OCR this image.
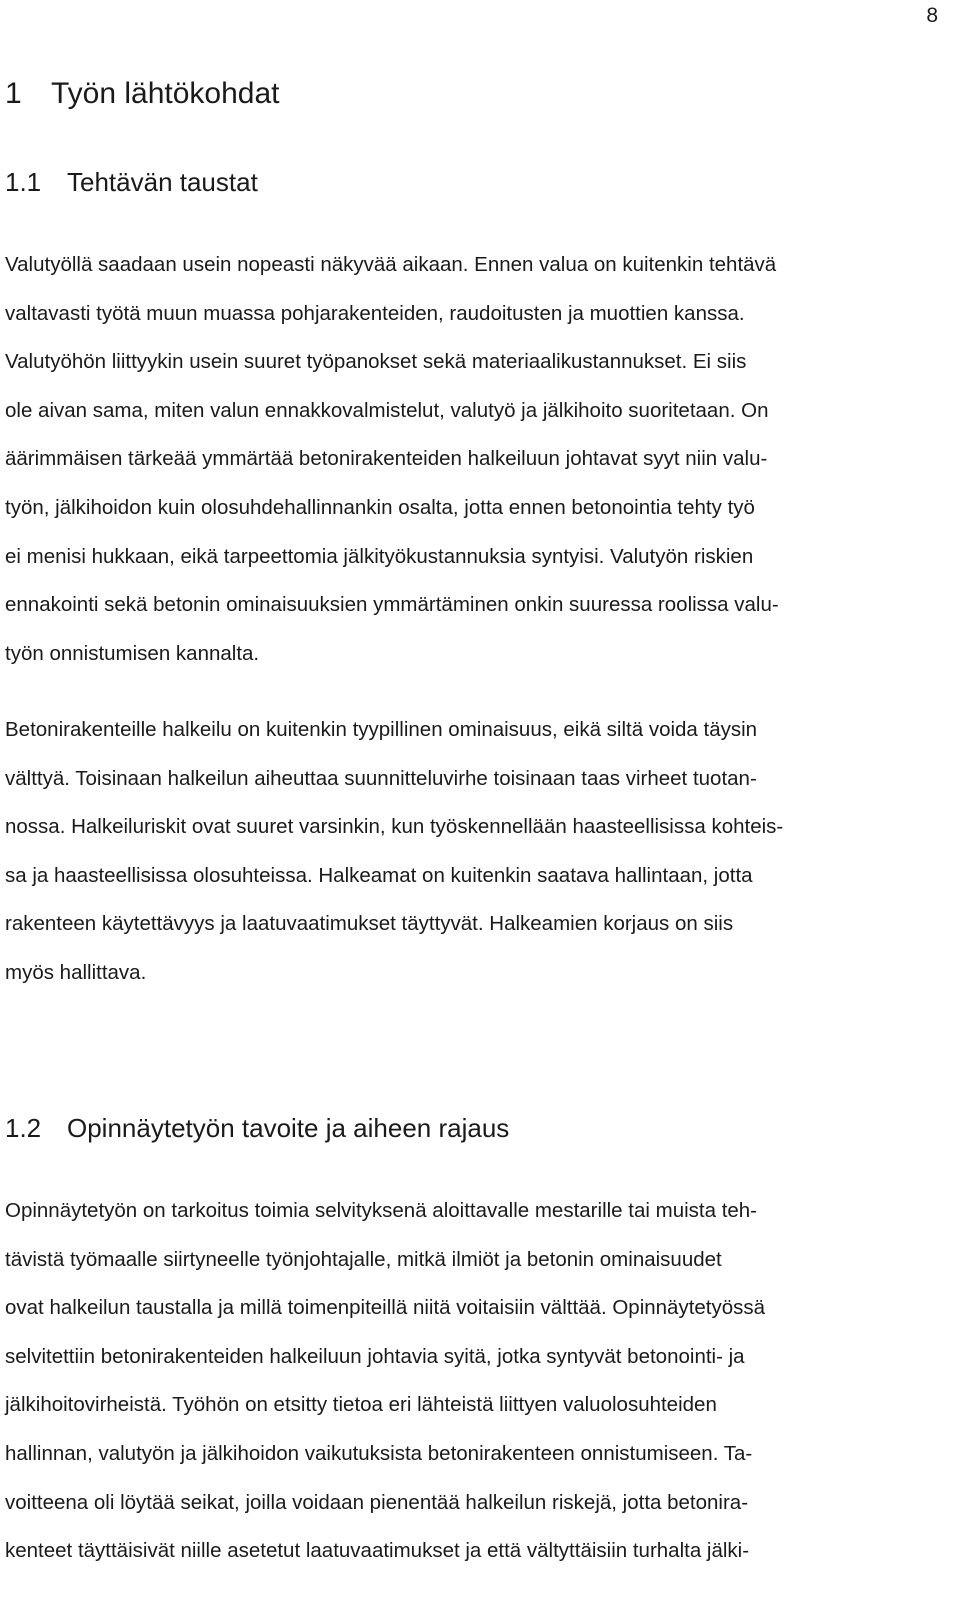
8
1 Työn lähtökohdat
1.1 Tehtävän taustat
Valutyöllä saadaan usein nopeasti näkyvää aikaan. Ennen valua on kuitenkin tehtävä
valtavasti työtä muun muassa pohjarakenteiden, raudoitusten ja muottien kanssa.
Valutyöhön liittyykin usein suuret työpanokset sekä materiaalikustannukset. Ei siis
ole aivan sama, miten valun ennakkovalmistelut, valutyö ja jälkihoito suoritetaan. On
äärimmäisen tärkeää ymmärtää betonirakenteiden halkeiluun johtavat syyt niin valu-
työn, jälkihoidon kuin olosuhdehallinnankin osalta, jotta ennen betonointia tehty työ
ei menisi hukkaan, eikä tarpeettomia jälkityökustannuksia syntyisi. Valutyön riskien
ennakointi sekä betonin ominaisuuksien ymmärtäminen onkin suuressa roolissa valu-
työn onnistumisen kannalta.
Betonirakenteille halkeilu on kuitenkin tyypillinen ominaisuus, eikä siltä voida täysin
välttyä. Toisinaan halkeilun aiheuttaa suunnitteluvirhe toisinaan taas virheet tuotan-
nossa. Halkeiluriskit ovat suuret varsinkin, kun työskennellään haasteellisissa kohteis-
sa ja haasteellisissa olosuhteissa. Halkeamat on kuitenkin saatava hallintaan, jotta
rakenteen käytettävyys ja laatuvaatimukset täyttyvät. Halkeamien korjaus on siis
myös hallittava.
1.2 Opinnäytetyön tavoite ja aiheen rajaus
Opinnäytetyön on tarkoitus toimia selvityksenä aloittavalle mestarille tai muista teh-
tävistä työmaalle siirtyneelle työnjohtajalle, mitkä ilmiöt ja betonin ominaisuudet
ovat halkeilun taustalla ja millä toimenpiteillä niitä voitaisiin välttää. Opinnäytetyössä
selvitettiin betonirakenteiden halkeiluun johtavia syitä, jotka syntyvät betonointi- ja
jälkihoitovirheistä. Työhön on etsitty tietoa eri lähteistä liittyen valuolosuhteiden
hallinnan, valutyön ja jälkihoidon vaikutuksista betonirakenteen onnistumiseen. Ta-
voitteena oli löytää seikat, joilla voidaan pienentää halkeilun riskejä, jotta betonira-
kenteet täyttäisivät niille asetetut laatuvaatimukset ja että vältyttäisiin turhalta jälki-
